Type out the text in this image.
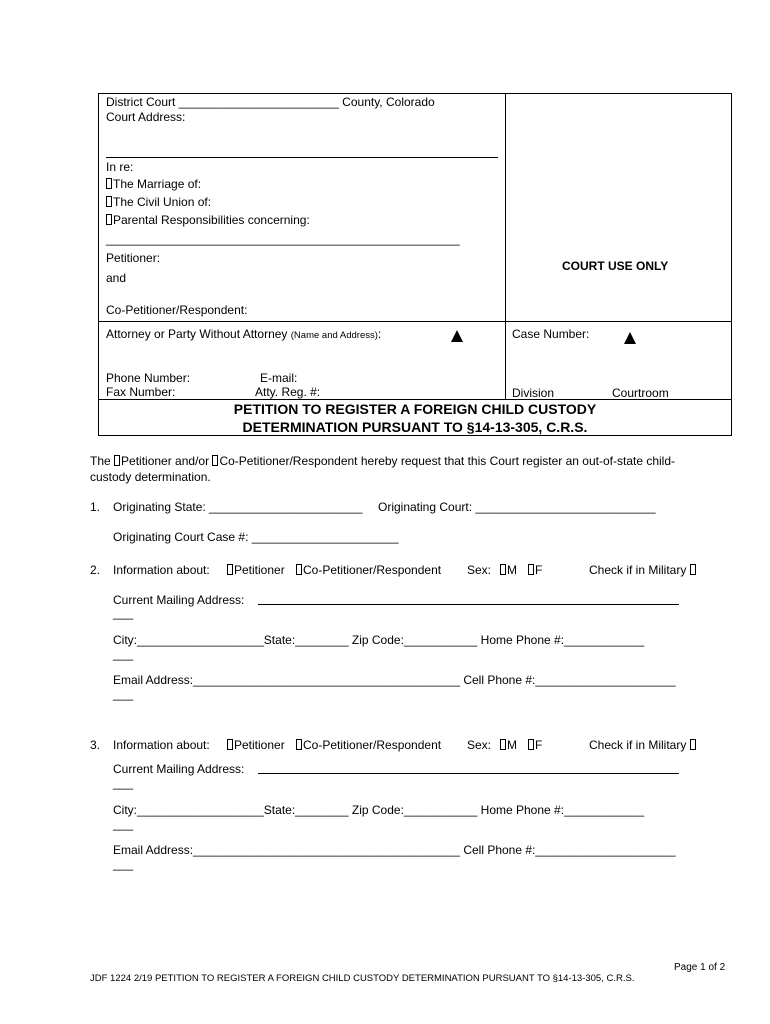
District Court ________________________ County, Colorado
Court Address:
In re:
The Marriage of:
The Civil Union of:
Parental Responsibilities concerning:
_____________________________________________________
Petitioner:
and
Co-Petitioner/Respondent:
COURT USE ONLY
Attorney or Party Without Attorney (Name and Address):	Case Number:
Phone Number:	E-mail:
Fax Number:	Atty. Reg. #:	Division	Courtroom
PETITION TO REGISTER A FOREIGN CHILD CUSTODY
DETERMINATION PURSUANT TO §14-13-305, C.R.S.
The Petitioner and/or Co-Petitioner/Respondent hereby request that this Court register an out-of-state child-
custody determination.
1. Originating State: _______________________ Originating Court: ___________________________
Originating Court Case #: ______________________
2. Information about:	Petitioner	Co-Petitioner/Respondent Sex:	M	F	Check if in Military
Current Mailing Address:
___
City:___________________State:________ Zip Code:___________ Home Phone #:____________
___
Email Address:________________________________________ Cell Phone #:_____________________
___
3. Information about:	Petitioner	Co-Petitioner/Respondent Sex:	M	F	Check if in Military
Current Mailing Address:
___
City:___________________State:________ Zip Code:___________ Home Phone #:____________
___
Email Address:________________________________________ Cell Phone #:_____________________
___
Page 1 of 2
JDF 1224 2/19 PETITION TO REGISTER A FOREIGN CHILD CUSTODY DETERMINATION PURSUANT TO §14-13-305, C.R.S.
